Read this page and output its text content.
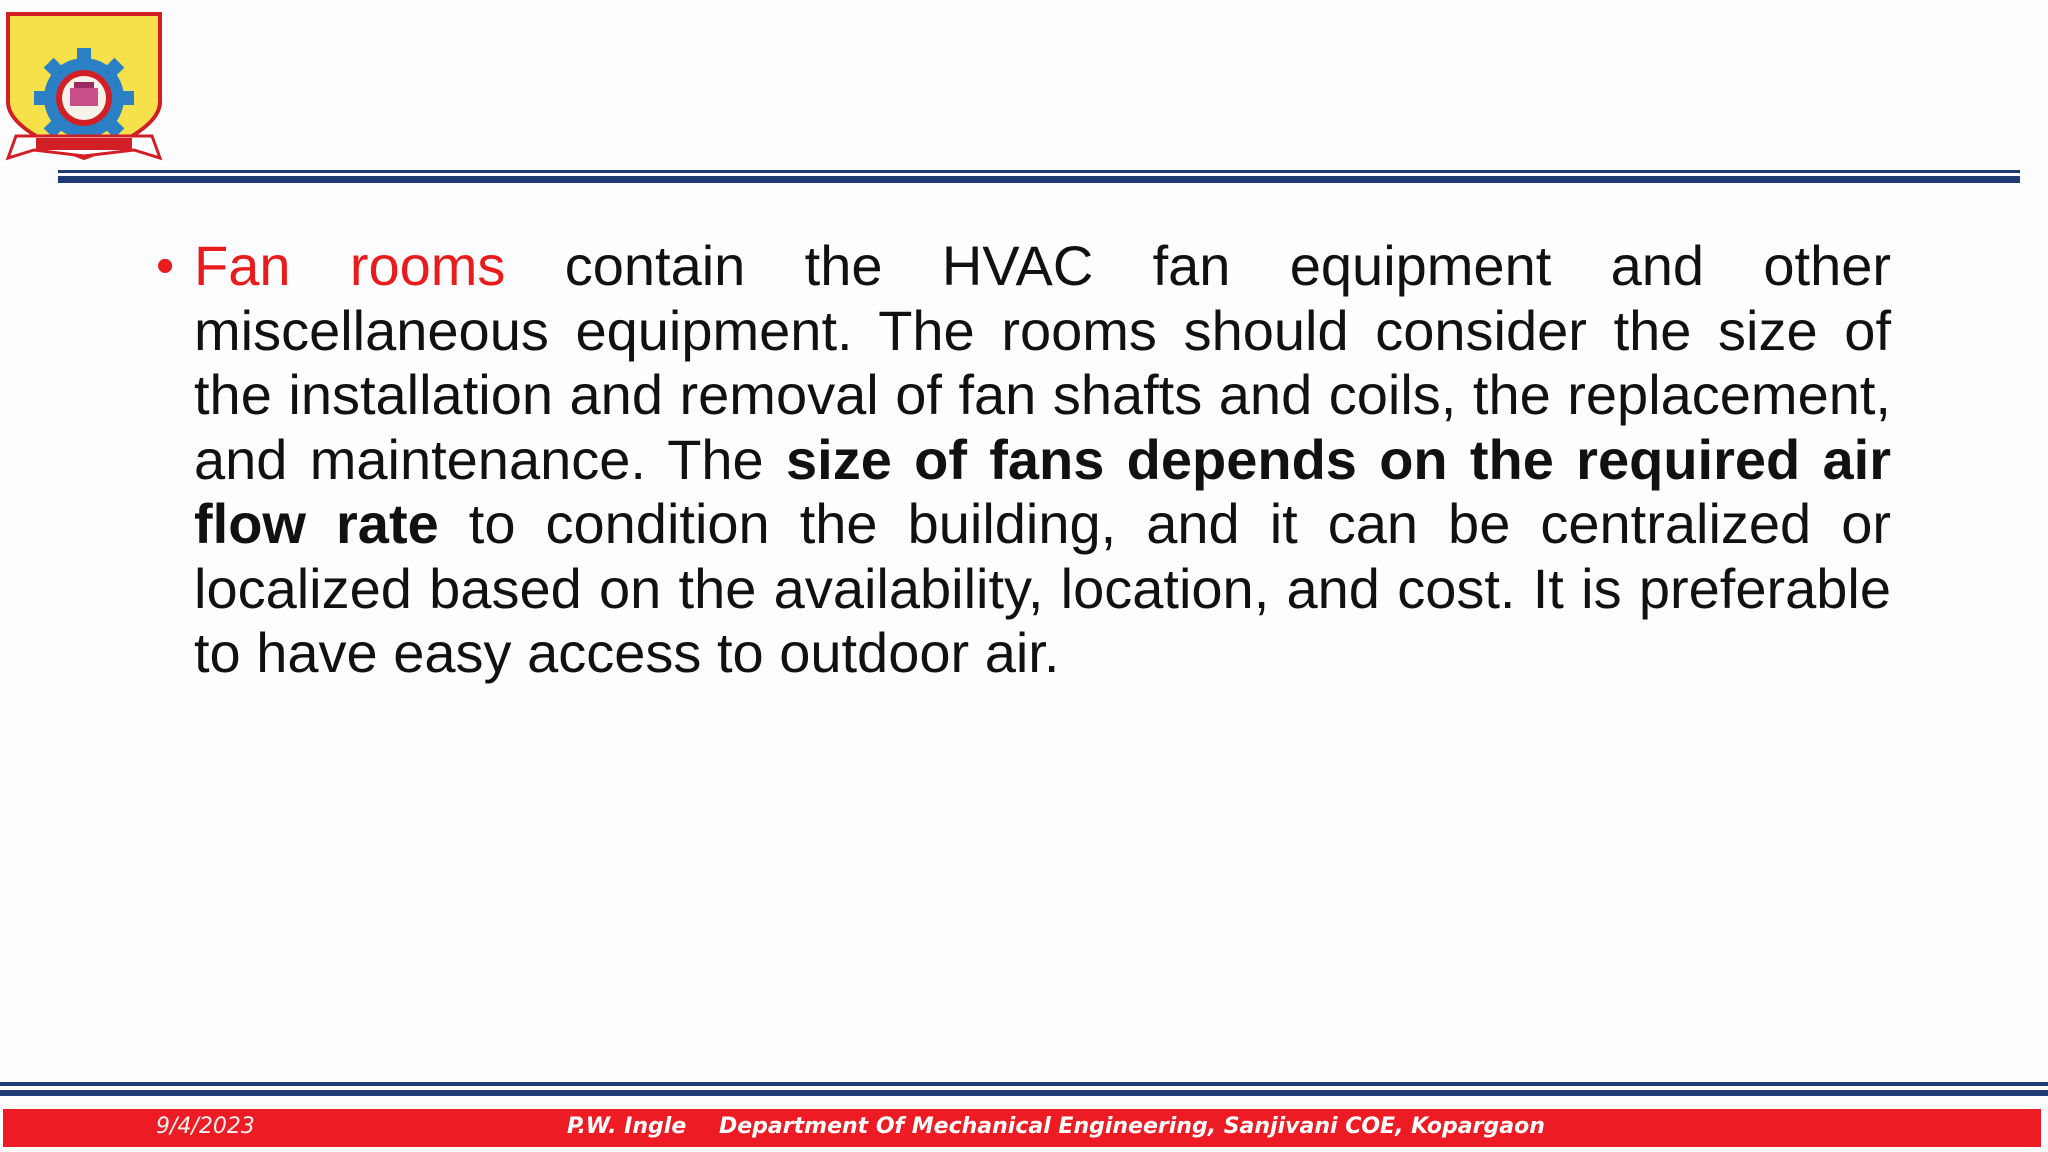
• Fan rooms contain the HVAC fan equipment and other miscellaneous equipment. The rooms should consider the size of the installation and removal of fan shafts and coils, the replacement, and maintenance. The size of fans depends on the required air flow rate to condition the building, and it can be centralized or localized based on the availability, location, and cost. It is preferable to have easy access to outdoor air.

9/4/2023	P.W. Ingle Department Of Mechanical Engineering, Sanjivani COE, Kopargaon
